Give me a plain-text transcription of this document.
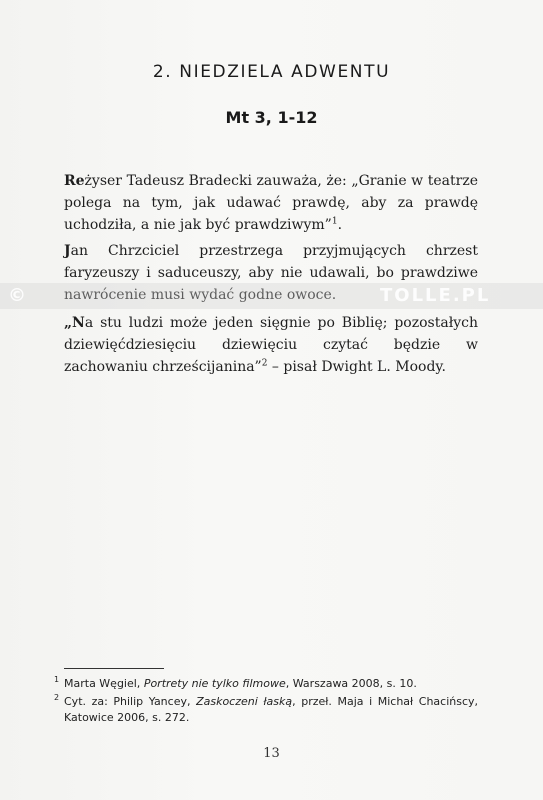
2. NIEDZIELA ADWENTU
Mt 3, 1-12

Reżyser Tadeusz Bradecki zauważa, że: „Granie w teatrze polega na tym, jak udawać prawdę, aby za prawdę uchodziła, a nie jak być prawdziwym”$^1$.

Jan Chrzciciel przestrzega przyjmujących chrzest faryzeuszy i saduceuszy, aby nie udawali, bo prawdziwe nawrócenie musi wydać godne owoce.

„Na stu ludzi może jeden sięgnie po Biblię; pozostałych dziewięćdziesięciu dziewięciu czytać będzie w zachowaniu chrześcijanina”$^2$ – pisał Dwight L. Moody.

©	TOLLE.PL
1 Marta Węgiel, Portrety nie tylko filmowe, Warszawa 2008, s. 10.
2 Cyt. za: Philip Yancey, Zaskoczeni łaską, przeł. Maja i Michał Chacińscy, Katowice 2006, s. 272.
13
